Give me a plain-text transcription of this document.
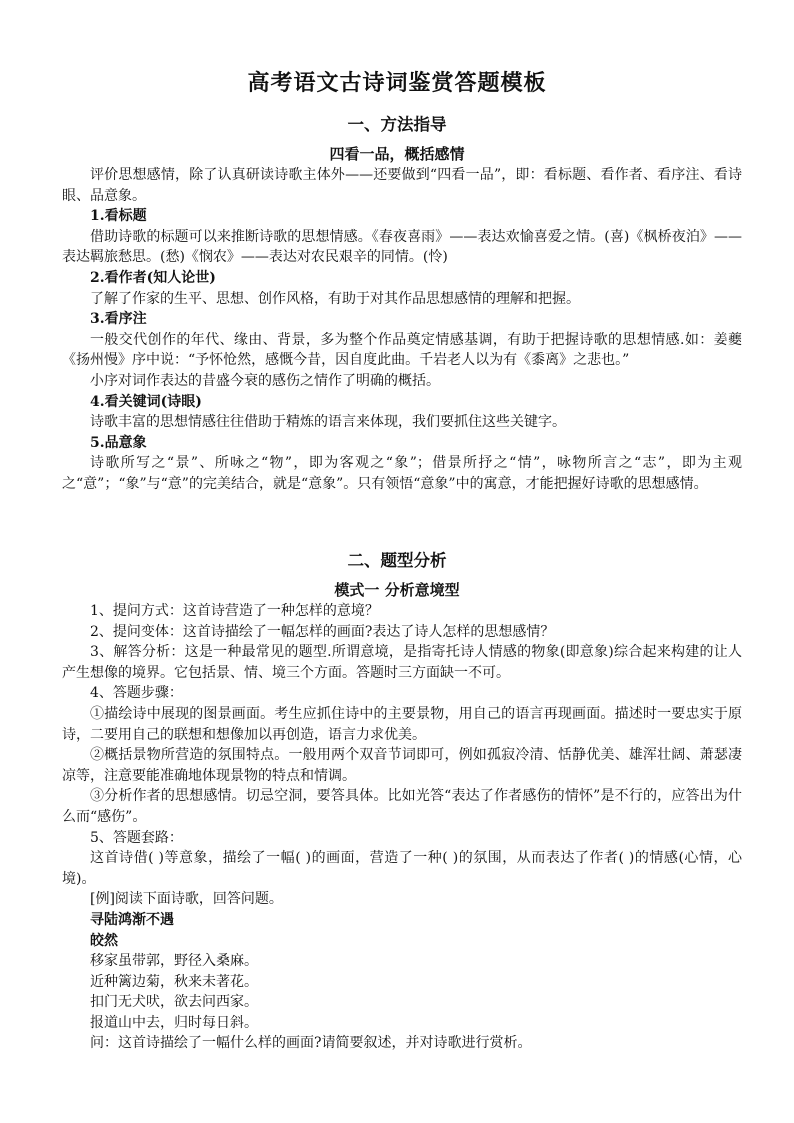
高考语文古诗词鉴赏答题模板
一、方法指导
四看一品，概括感情

评价思想感情，除了认真研读诗歌主体外——还要做到“四看一品”，即：看标题、看作者、看序注、看诗眼、品意象。

1.看标题

借助诗歌的标题可以来推断诗歌的思想情感。《春夜喜雨》——表达欢愉喜爱之情。(喜)《枫桥夜泊》——表达羁旅愁思。(愁)《悯农》——表达对农民艰辛的同情。(怜)

2.看作者(知人论世)

了解了作家的生平、思想、创作风格，有助于对其作品思想感情的理解和把握。

3.看序注

一般交代创作的年代、缘由、背景，多为整个作品奠定情感基调，有助于把握诗歌的思想情感.如：姜夔《扬州慢》序中说：“予怀怆然，感慨今昔，因自度此曲。千岩老人以为有《黍离》之悲也。”

小序对词作表达的昔盛今衰的感伤之情作了明确的概括。

4.看关键词(诗眼)

诗歌丰富的思想情感往往借助于精炼的语言来体现，我们要抓住这些关键字。

5.品意象

诗歌所写之“景”、所咏之“物”，即为客观之“象”；借景所抒之“情”，咏物所言之“志”，即为主观之“意”；“象”与“意”的完美结合，就是“意象”。只有领悟“意象”中的寓意，才能把握好诗歌的思想感情。

二、题型分析
模式一 分析意境型

1、提问方式：这首诗营造了一种怎样的意境？

2、提问变体：这首诗描绘了一幅怎样的画面?表达了诗人怎样的思想感情？

3、解答分析：这是一种最常见的题型.所谓意境，是指寄托诗人情感的物象(即意象)综合起来构建的让人产生想像的境界。它包括景、情、境三个方面。答题时三方面缺一不可。

4、答题步骤：

①描绘诗中展现的图景画面。考生应抓住诗中的主要景物，用自己的语言再现画面。描述时一要忠实于原诗，二要用自己的联想和想像加以再创造，语言力求优美。

②概括景物所营造的氛围特点。一般用两个双音节词即可，例如孤寂冷清、恬静优美、雄浑壮阔、萧瑟凄凉等，注意要能准确地体现景物的特点和情调。

③分析作者的思想感情。切忌空洞，要答具体。比如光答“表达了作者感伤的情怀”是不行的，应答出为什么而“感伤”。

5、答题套路：

这首诗借( )等意象，描绘了一幅( )的画面，营造了一种( )的氛围，从而表达了作者( )的情感(心情，心境)。

[例]阅读下面诗歌，回答问题。

寻陆鸿渐不遇

皎然

移家虽带郭，野径入桑麻。

近种篱边菊，秋来未著花。

扣门无犬吠，欲去问西家。

报道山中去，归时每日斜。

问：这首诗描绘了一幅什么样的画面?请简要叙述，并对诗歌进行赏析。
